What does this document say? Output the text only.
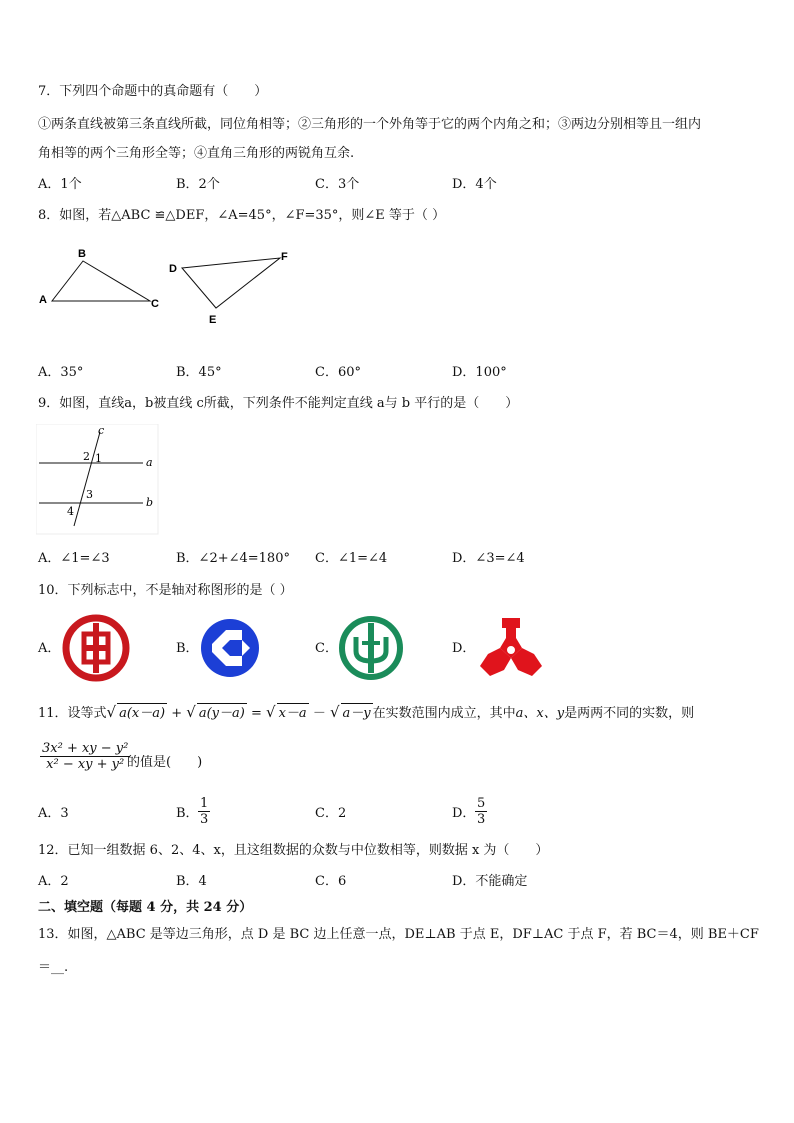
7．下列四个命题中的真命题有（　　）
①两条直线被第三条直线所截，同位角相等；②三角形的一个外角等于它的两个内角之和；③两边分别相等且一组内
角相等的两个三角形全等；④直角三角形的两锐角互余.
A．1个	B．2个	C．3个	D．4个
8．如图，若△ABC ≌△DEF，∠A=45°，∠F=35°，则∠E 等于（ ）
B
A	C
D
F
E
A．35°	B．45°	C．60°	D．100°
9．如图，直线a，b被直线 c所截，下列条件不能判定直线 a与 b 平行的是（　　）
c
2 1	a
3
b
4
A．∠1=∠3	B．∠2+∠4=180° C．∠1=∠4	D．∠3=∠4
10．下列标志中，不是轴对称图形的是（ ）
A．	B．	C．	D．
11．设等式√ a(x－a) + √ a(y－a) = √ x－a － √ a－y 在实数范围内成立，其中a、x、y是两两不同的实数，则
$\frac{\text{3x² + xy − y²}}{\text{x² − xy + y²}}$
的值是(　　)
A．3	B． $\frac{1}{3}$	C．2	D． $\frac{5}{3}$
12．已知一组数据 6、2、4、x，且这组数据的众数与中位数相等，则数据 x 为（　　）
A．2	B．4	C．6	D．不能确定
二、填空题（每题 4 分，共 24 分）
13．如图，△ABC 是等边三角形，点 D 是 BC 边上任意一点，DE⊥AB 于点 E，DF⊥AC 于点 F，若 BC＝4，则 BE＋CF
＝__.
